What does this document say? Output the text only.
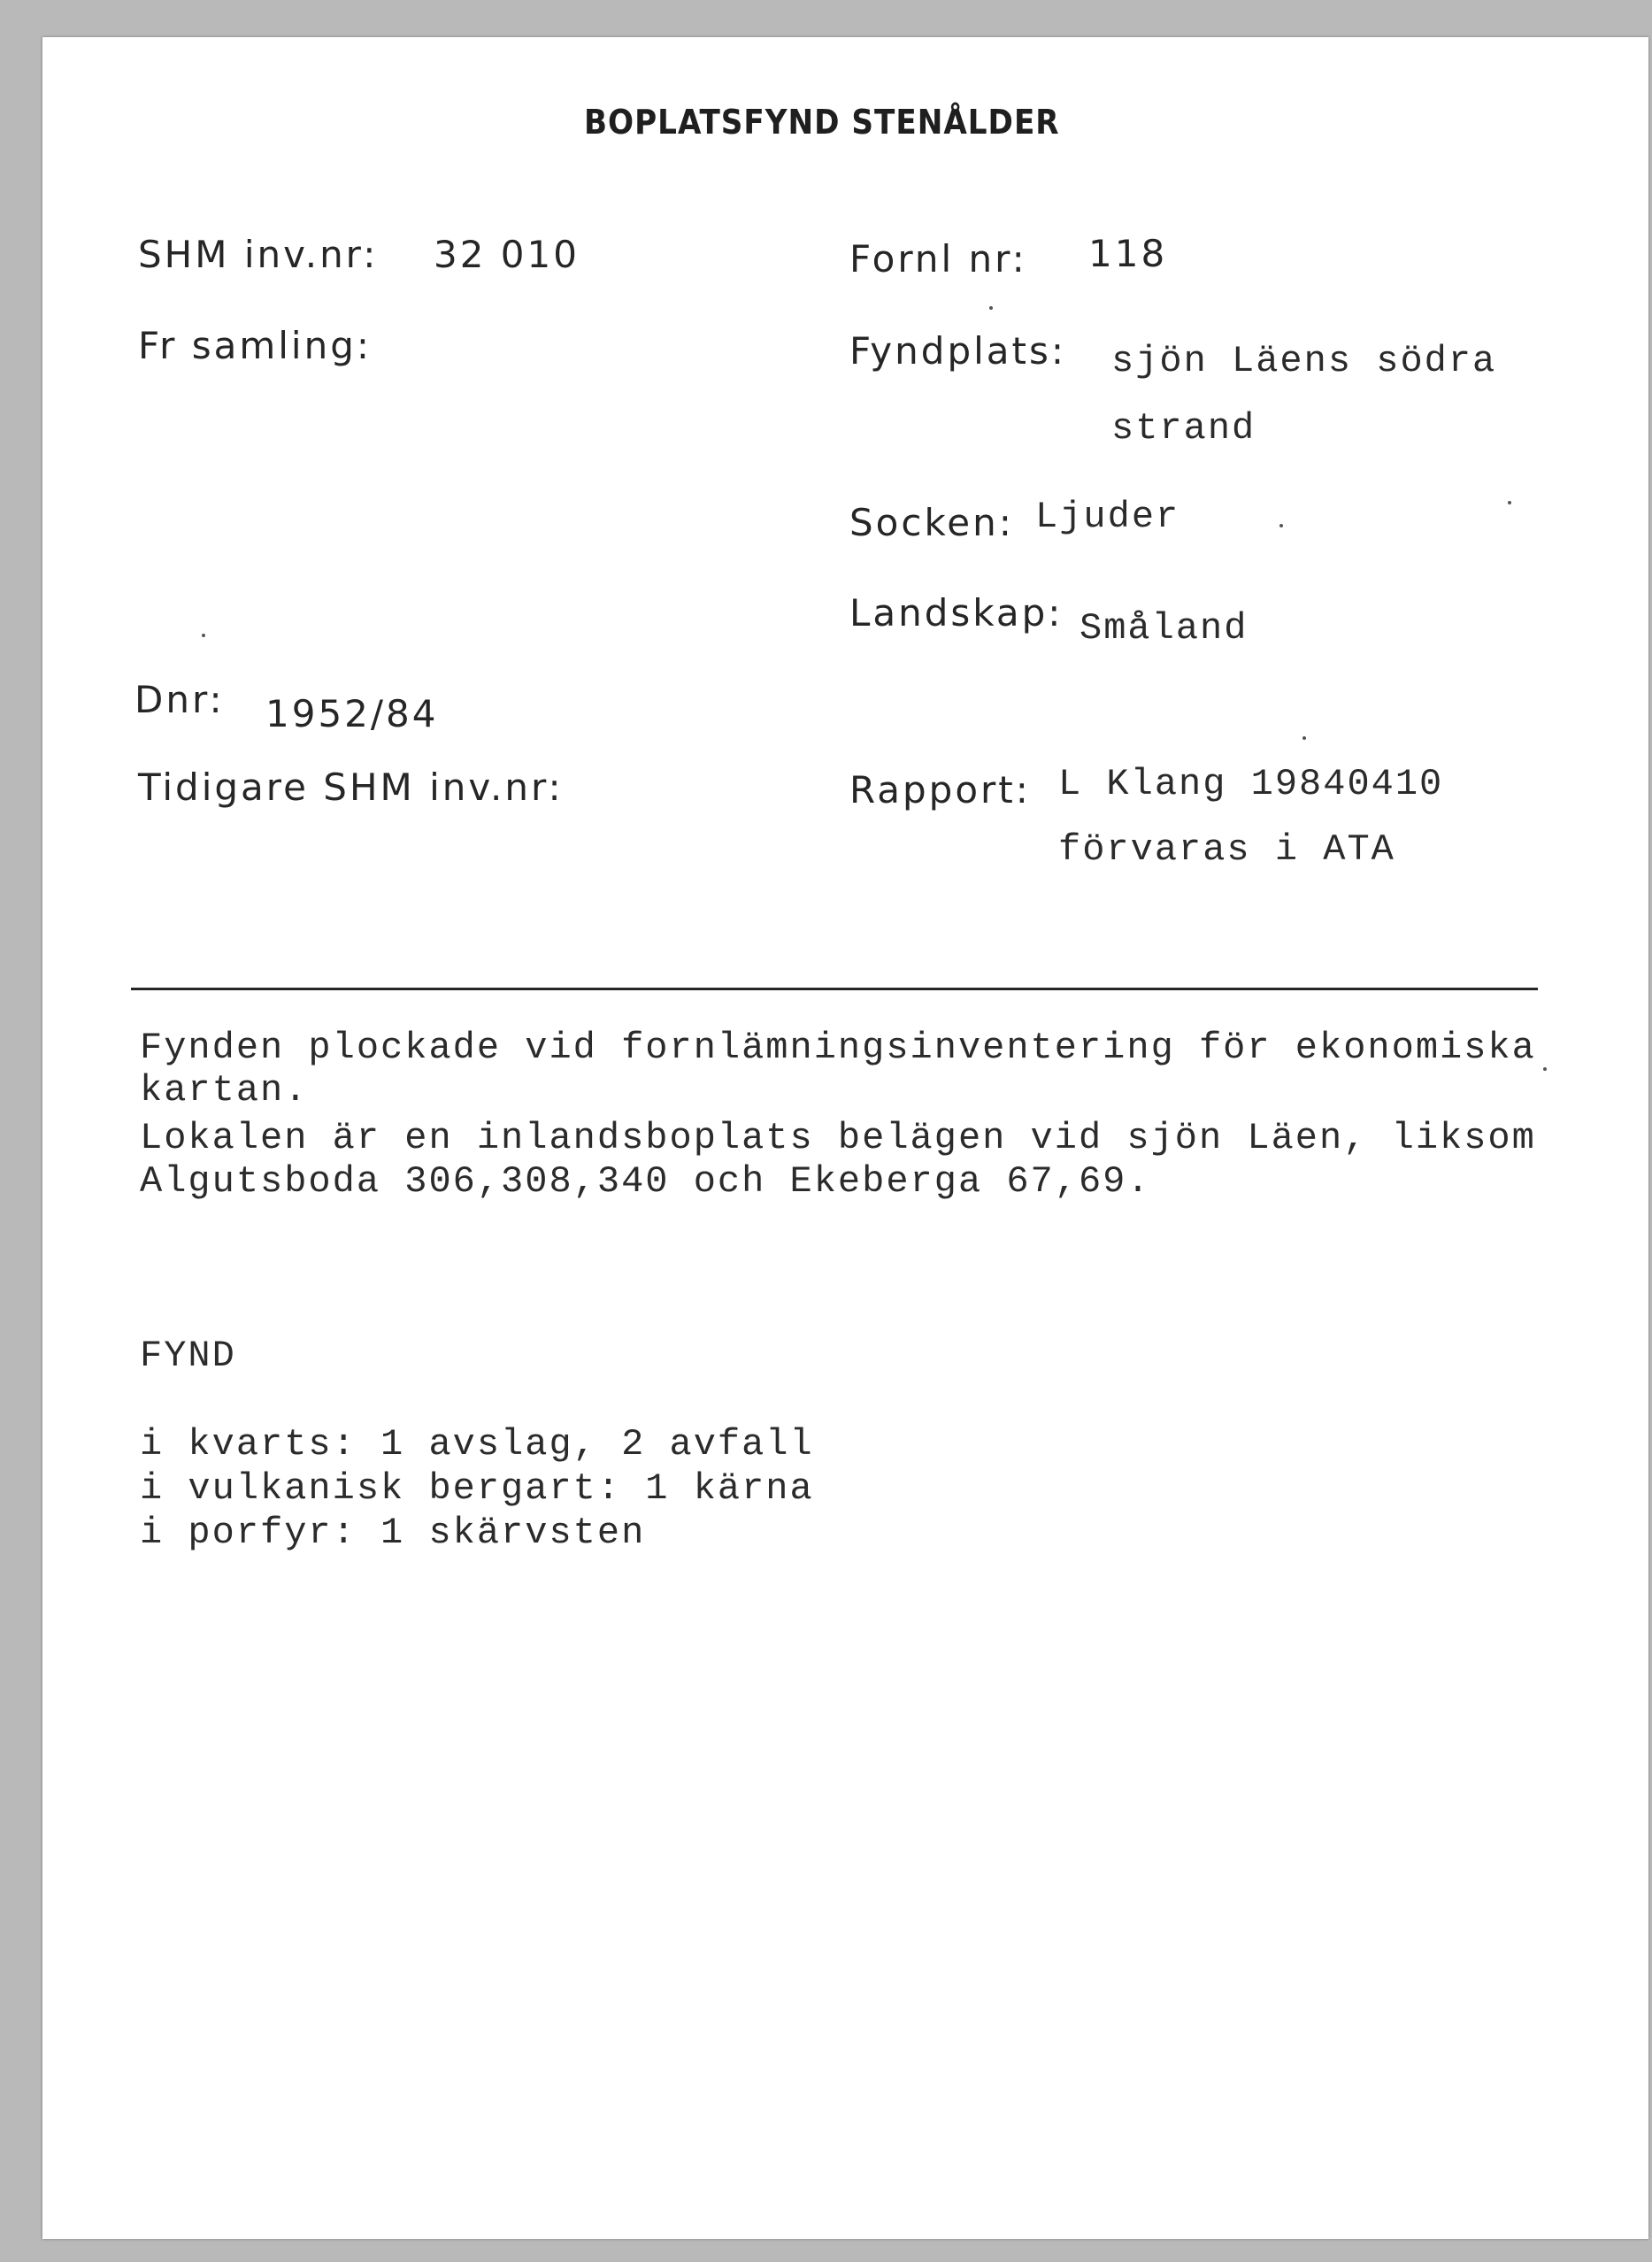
BOPLATSFYND STENÅLDER
SHM inv.nr: 32 010
Fr samling:
Dnr: 1952/84
Tidigare SHM inv.nr:
Fornl nr: 118
Fyndplats: sjön Läens södra
strand
Socken: Ljuder
Landskap: Småland
Rapport: L Klang 19840410
förvaras i ATA
Fynden plockade vid fornlämningsinventering för ekonomiska
kartan.
Lokalen är en inlandsboplats belägen vid sjön Läen, liksom
Algutsboda 306,308,340 och Ekeberga 67,69.
FYND
i kvarts: 1 avslag, 2 avfall
i vulkanisk bergart: 1 kärna
i porfyr: 1 skärvsten
